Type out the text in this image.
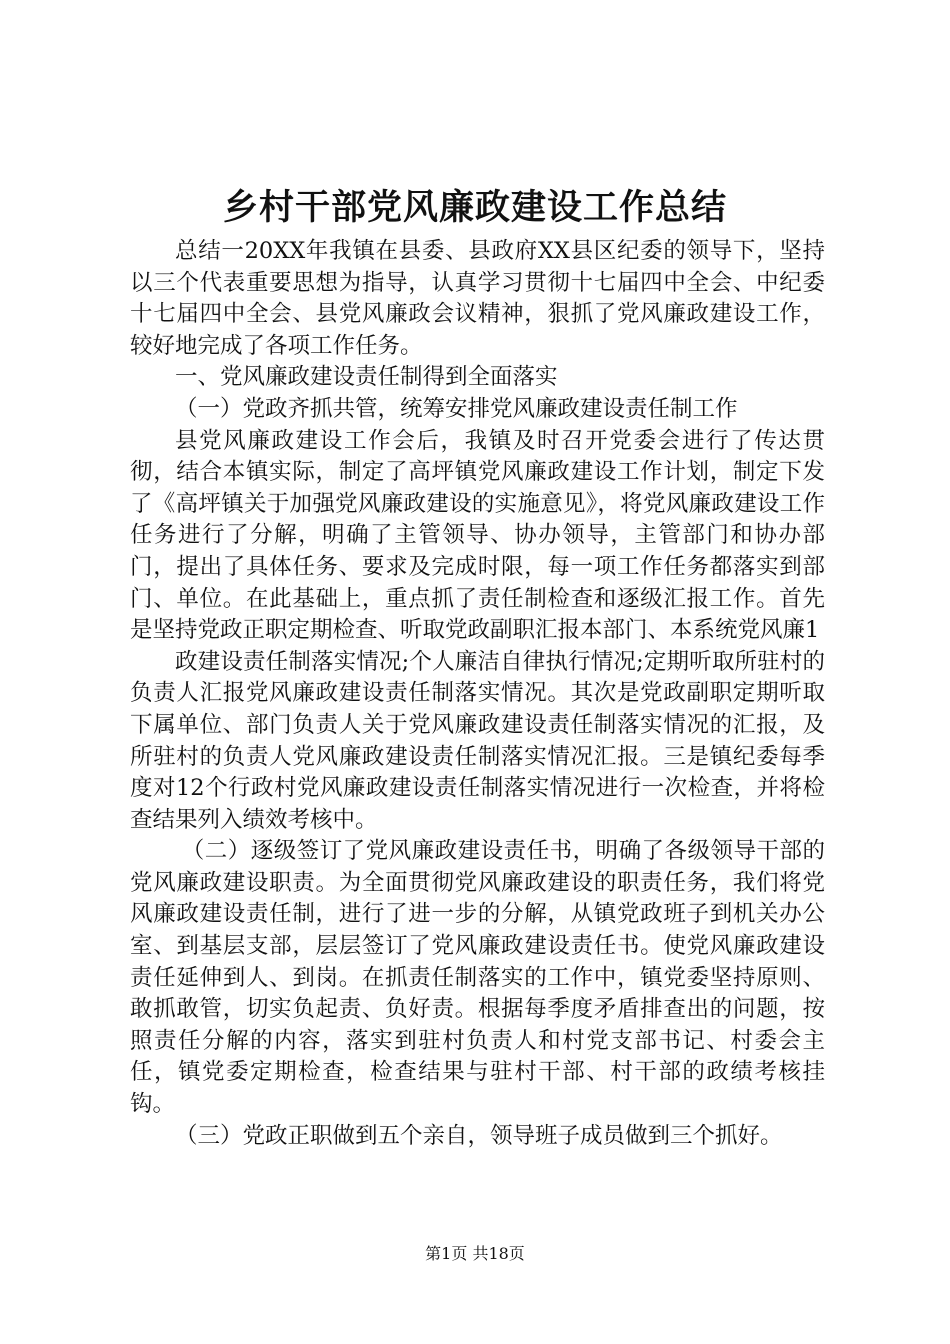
乡村干部党风廉政建设工作总结

总结一20XX年我镇在县委、县政府XX县区纪委的领导下，坚持以三个代表重要思想为指导，认真学习贯彻十七届四中全会、中纪委十七届四中全会、县党风廉政会议精神，狠抓了党风廉政建设工作，较好地完成了各项工作任务。

一、党风廉政建设责任制得到全面落实

（一）党政齐抓共管，统筹安排党风廉政建设责任制工作

县党风廉政建设工作会后，我镇及时召开党委会进行了传达贯彻，结合本镇实际，制定了高坪镇党风廉政建设工作计划，制定下发了《高坪镇关于加强党风廉政建设的实施意见》，将党风廉政建设工作任务进行了分解，明确了主管领导、协办领导，主管部门和协办部门，提出了具体任务、要求及完成时限，每一项工作任务都落实到部门、单位。在此基础上，重点抓了责任制检查和逐级汇报工作。首先是坚持党政正职定期检查、听取党政副职汇报本部门、本系统党风廉1

政建设责任制落实情况;个人廉洁自律执行情况;定期听取所驻村的负责人汇报党风廉政建设责任制落实情况。其次是党政副职定期听取下属单位、部门负责人关于党风廉政建设责任制落实情况的汇报，及所驻村的负责人党风廉政建设责任制落实情况汇报。三是镇纪委每季度对12个行政村党风廉政建设责任制落实情况进行一次检查，并将检查结果列入绩效考核中。

（二）逐级签订了党风廉政建设责任书，明确了各级领导干部的党风廉政建设职责。为全面贯彻党风廉政建设的职责任务，我们将党风廉政建设责任制，进行了进一步的分解，从镇党政班子到机关办公室、到基层支部，层层签订了党风廉政建设责任书。使党风廉政建设责任延伸到人、到岗。在抓责任制落实的工作中，镇党委坚持原则、敢抓敢管，切实负起责、负好责。根据每季度矛盾排查出的问题，按照责任分解的内容，落实到驻村负责人和村党支部书记、村委会主任，镇党委定期检查，检查结果与驻村干部、村干部的政绩考核挂钩。

（三）党政正职做到五个亲自，领导班子成员做到三个抓好。

第1页 共18页
